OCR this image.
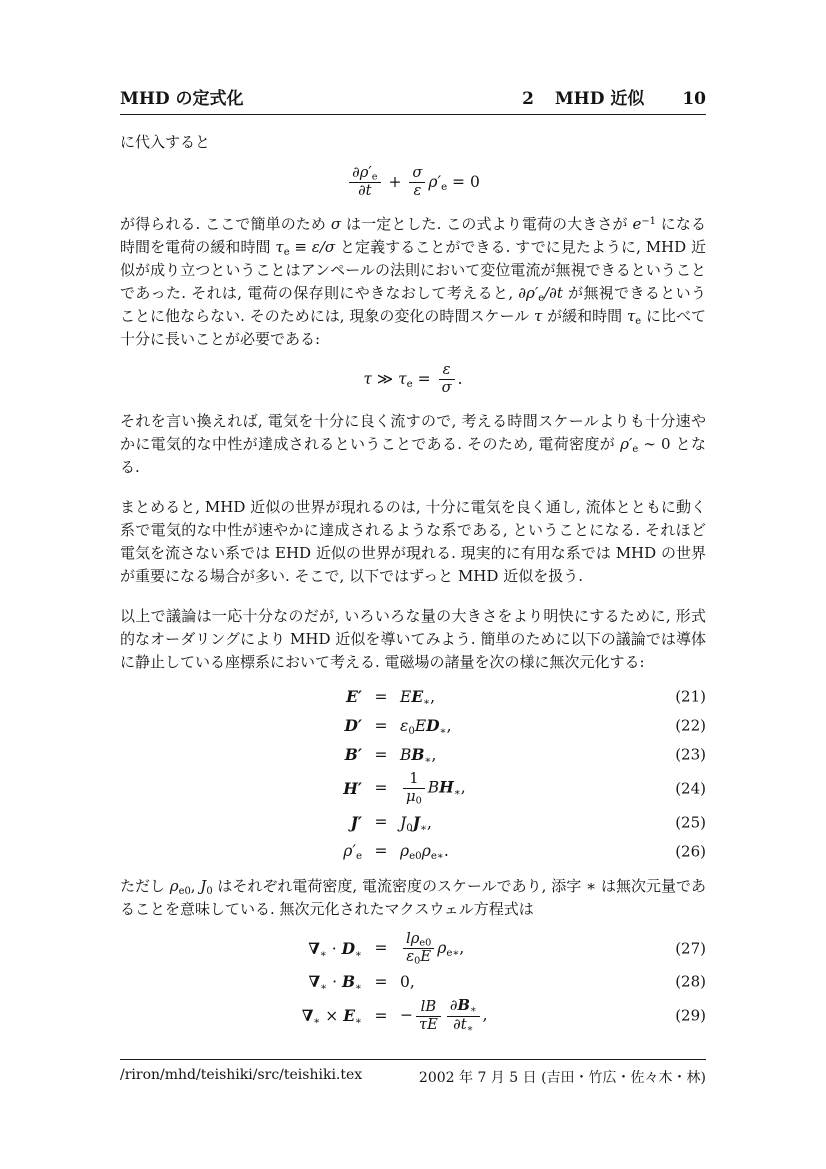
MHD の定式化	2 MHD 近似 10

に代入すると

$\frac{\partial\rho'_e}{\partial t} + \frac{\sigma}{\varepsilon} \rho'_e = 0$

が得られる. ここで簡単のため σ は一定とした. この式より電荷の大きさが $e^{-1}$ になる時間を電荷の緩和時間 $\tau_e \equiv \varepsilon/\sigma$ と定義することができる. すでに見たように, MHD 近似が成り立つということはアンペールの法則において変位電流が無視できるということであった. それは, 電荷の保存則にやきなおして考えると, $\partial\rho'_e/\partial t$ が無視できるということに他ならない. そのためには, 現象の変化の時間スケール τ が緩和時間 $\tau_e$ に比べて十分に長いことが必要である:

τ ≫ $\tau_e = \frac{\varepsilon}{\sigma}$ .

それを言い換えれば, 電気を十分に良く流すので, 考える時間スケールよりも十分速やかに電気的な中性が達成されるということである. そのため, 電荷密度が $\rho'_e$ ∼ 0 となる.

まとめると, MHD 近似の世界が現れるのは, 十分に電気を良く通し, 流体とともに動く系で電気的な中性が速やかに達成されるような系である, ということになる. それほど電気を流さない系では EHD 近似の世界が現れる. 現実的に有用な系では MHD の世界が重要になる場合が多い. そこで, 以下ではずっと MHD 近似を扱う.

以上で議論は一応十分なのだが, いろいろな量の大きさをより明快にするために, 形式的なオーダリングにより MHD 近似を導いてみよう. 簡単のために以下の議論では導体に静止している座標系において考える. 電磁場の諸量を次の様に無次元化する:

$E' = EE_∗$,	(21)
$D' = \varepsilon_0ED_∗$,	(22)
$B' = BB_∗$,	(23)
H′ =	$\frac{1}{\mu_0} BH_∗$,	(24)
$J' = J_0J_∗$,	(25)
$\rho'_e = \rho_{e0}\rho_{e∗}$.	(26)

ただし $\rho_{e0}$, $J_0$ はそれぞれ電荷密度, 電流密度のスケールであり, 添字 ∗ は無次元量であることを意味している. 無次元化されたマクスウェル方程式は

$\nabla_∗ \cdot D_∗$ =	$\frac{l\rho_{e0}}{\varepsilon_0E} \rho_{e∗}$,	(27)
$\nabla_∗ \cdot B_∗ = 0$,	(28)
$\nabla_∗ \times E_∗$ = − $\frac{lB}{\tau E} \frac{\partial B_∗}{\partial t_∗}$ ,	(29)
/riron/mhd/teishiki/src/teishiki.tex	2002 年 7 月 5 日 (吉田・竹広・佐々木・林)
